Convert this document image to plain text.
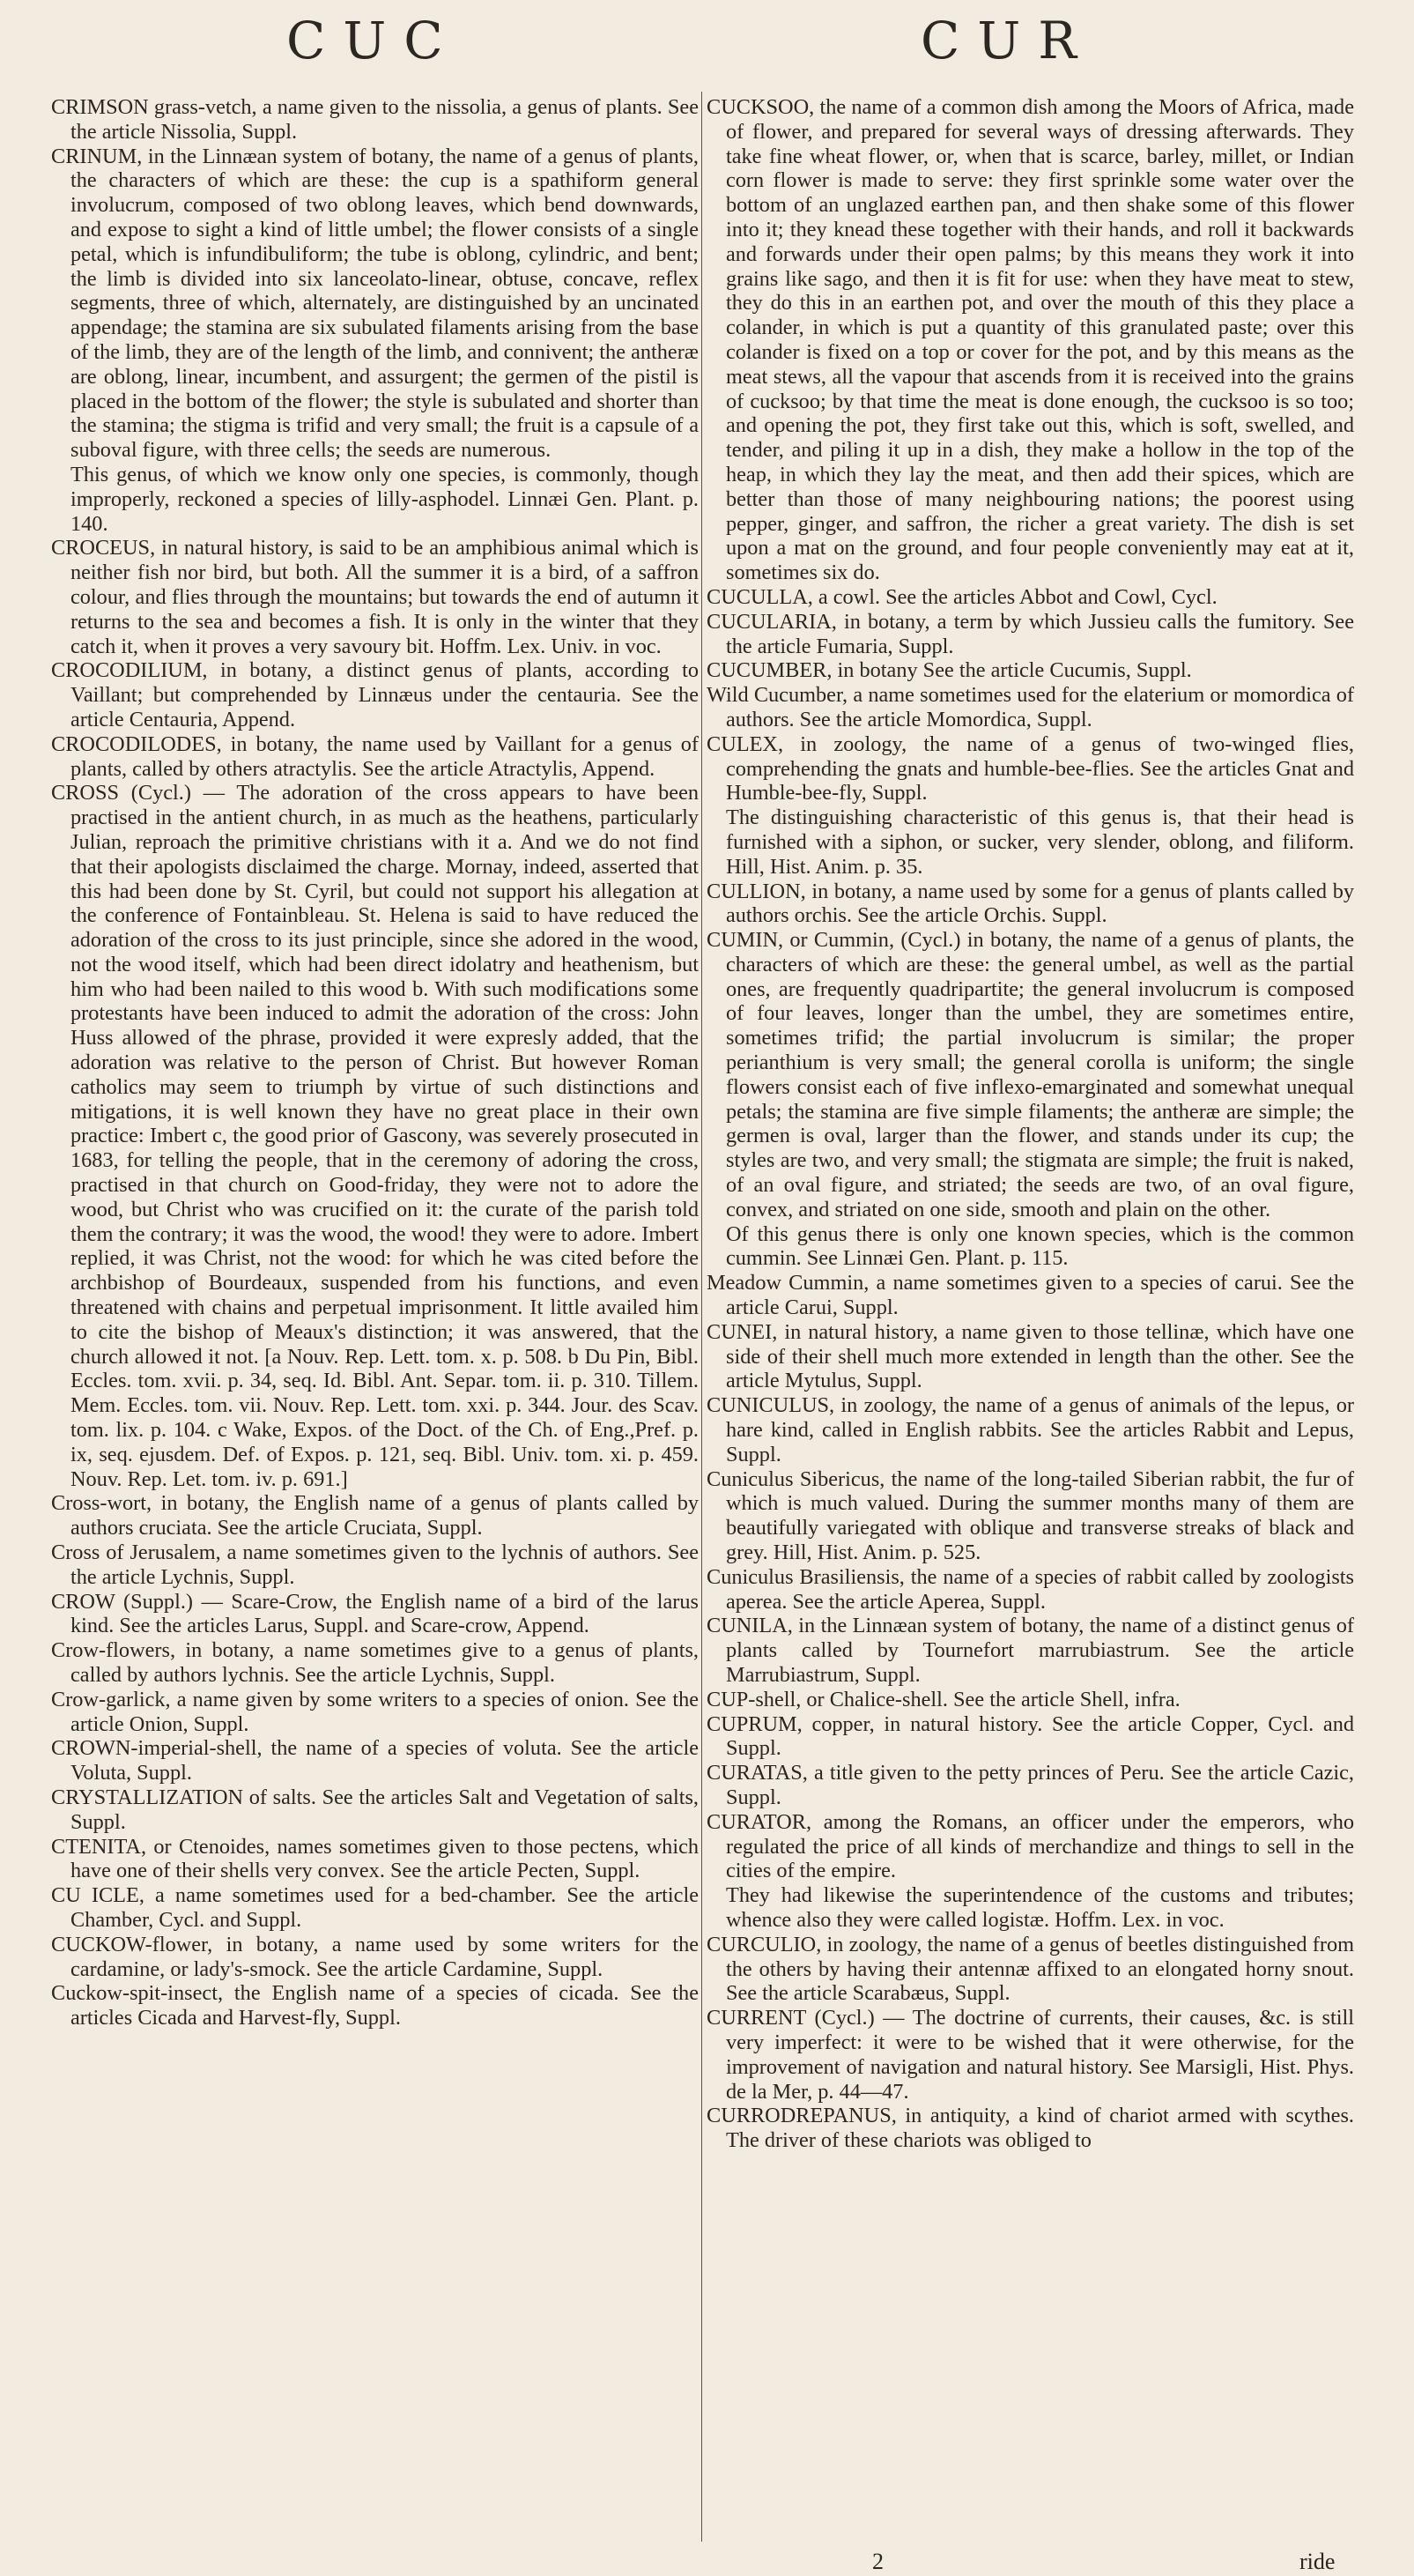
CUC	CUR

CRIMSON grass-vetch, a name given to the nissolia, a genus of plants. See the article Nissolia, Suppl.

CRINUM, in the Linnæan system of botany, the name of a genus of plants, the characters of which are these: the cup is a spathiform general involucrum, composed of two oblong leaves, which bend downwards, and expose to sight a kind of little umbel; the flower consists of a single petal, which is infundibuliform; the tube is oblong, cylindric, and bent; the limb is divided into six lanceolato-linear, obtuse, concave, reflex segments, three of which, alternately, are distinguished by an uncinated appendage; the stamina are six subulated filaments arising from the base of the limb, they are of the length of the limb, and connivent; the antheræ are oblong, linear, incumbent, and assurgent; the germen of the pistil is placed in the bottom of the flower; the style is subulated and shorter than the stamina; the stigma is trifid and very small; the fruit is a capsule of a suboval figure, with three cells; the seeds are numerous.

This genus, of which we know only one species, is commonly, though improperly, reckoned a species of lilly-asphodel. Linnæi Gen. Plant. p. 140.

CROCEUS, in natural history, is said to be an amphibious animal which is neither fish nor bird, but both. All the summer it is a bird, of a saffron colour, and flies through the mountains; but towards the end of autumn it returns to the sea and becomes a fish. It is only in the winter that they catch it, when it proves a very savoury bit. Hoffm. Lex. Univ. in voc.

CROCODILIUM, in botany, a distinct genus of plants, according to Vaillant; but comprehended by Linnæus under the centauria. See the article Centauria, Append.

CROCODILODES, in botany, the name used by Vaillant for a genus of plants, called by others atractylis. See the article Atractylis, Append.

CROSS (Cycl.) — The adoration of the cross appears to have been practised in the antient church, in as much as the heathens, particularly Julian, reproach the primitive christians with it a. And we do not find that their apologists disclaimed the charge. Mornay, indeed, asserted that this had been done by St. Cyril, but could not support his allegation at the conference of Fontainbleau. St. Helena is said to have reduced the adoration of the cross to its just principle, since she adored in the wood, not the wood itself, which had been direct idolatry and heathenism, but him who had been nailed to this wood b. With such modifications some protestants have been induced to admit the adoration of the cross: John Huss allowed of the phrase, provided it were expresly added, that the adoration was relative to the person of Christ. But however Roman catholics may seem to triumph by virtue of such distinctions and mitigations, it is well known they have no great place in their own practice: Imbert c, the good prior of Gascony, was severely prosecuted in 1683, for telling the people, that in the ceremony of adoring the cross, practised in that church on Good-friday, they were not to adore the wood, but Christ who was crucified on it: the curate of the parish told them the contrary; it was the wood, the wood! they were to adore. Imbert replied, it was Christ, not the wood: for which he was cited before the archbishop of Bourdeaux, suspended from his functions, and even threatened with chains and perpetual imprisonment. It little availed him to cite the bishop of Meaux's distinction; it was answered, that the church allowed it not. [a Nouv. Rep. Lett. tom. x. p. 508. b Du Pin, Bibl. Eccles. tom. xvii. p. 34, seq. Id. Bibl. Ant. Separ. tom. ii. p. 310. Tillem. Mem. Eccles. tom. vii. Nouv. Rep. Lett. tom. xxi. p. 344. Jour. des Scav. tom. lix. p. 104. c Wake, Expos. of the Doct. of the Ch. of Eng.,Pref. p. ix, seq. ejusdem. Def. of Expos. p. 121, seq. Bibl. Univ. tom. xi. p. 459. Nouv. Rep. Let. tom. iv. p. 691.]

Cross-wort, in botany, the English name of a genus of plants called by authors cruciata. See the article Cruciata, Suppl.

Cross of Jerusalem, a name sometimes given to the lychnis of authors. See the article Lychnis, Suppl.

CROW (Suppl.) — Scare-Crow, the English name of a bird of the larus kind. See the articles Larus, Suppl. and Scare-crow, Append.

Crow-flowers, in botany, a name sometimes give to a genus of plants, called by authors lychnis. See the article Lychnis, Suppl.

Crow-garlick, a name given by some writers to a species of onion. See the article Onion, Suppl.

CROWN-imperial-shell, the name of a species of voluta. See the article Voluta, Suppl.

CRYSTALLIZATION of salts. See the articles Salt and Vegetation of salts, Suppl.

CTENITA, or Ctenoides, names sometimes given to those pectens, which have one of their shells very convex. See the article Pecten, Suppl.

CU ICLE, a name sometimes used for a bed-chamber. See the article Chamber, Cycl. and Suppl.

CUCKOW-flower, in botany, a name used by some writers for the cardamine, or lady's-smock. See the article Cardamine, Suppl.

Cuckow-spit-insect, the English name of a species of cicada. See the articles Cicada and Harvest-fly, Suppl.

CUCKSOO, the name of a common dish among the Moors of Africa, made of flower, and prepared for several ways of dressing afterwards. They take fine wheat flower, or, when that is scarce, barley, millet, or Indian corn flower is made to serve: they first sprinkle some water over the bottom of an unglazed earthen pan, and then shake some of this flower into it; they knead these together with their hands, and roll it backwards and forwards under their open palms; by this means they work it into grains like sago, and then it is fit for use: when they have meat to stew, they do this in an earthen pot, and over the mouth of this they place a colander, in which is put a quantity of this granulated paste; over this colander is fixed on a top or cover for the pot, and by this means as the meat stews, all the vapour that ascends from it is received into the grains of cucksoo; by that time the meat is done enough, the cucksoo is so too; and opening the pot, they first take out this, which is soft, swelled, and tender, and piling it up in a dish, they make a hollow in the top of the heap, in which they lay the meat, and then add their spices, which are better than those of many neighbouring nations; the poorest using pepper, ginger, and saffron, the richer a great variety. The dish is set upon a mat on the ground, and four people conveniently may eat at it, sometimes six do.

CUCULLA, a cowl. See the articles Abbot and Cowl, Cycl.

CUCULARIA, in botany, a term by which Jussieu calls the fumitory. See the article Fumaria, Suppl.

CUCUMBER, in botany See the article Cucumis, Suppl.

Wild Cucumber, a name sometimes used for the elaterium or momordica of authors. See the article Momordica, Suppl.

CULEX, in zoology, the name of a genus of two-winged flies, comprehending the gnats and humble-bee-flies. See the articles Gnat and Humble-bee-fly, Suppl.

The distinguishing characteristic of this genus is, that their head is furnished with a siphon, or sucker, very slender, oblong, and filiform. Hill, Hist. Anim. p. 35.

CULLION, in botany, a name used by some for a genus of plants called by authors orchis. See the article Orchis. Suppl.

CUMIN, or Cummin, (Cycl.) in botany, the name of a genus of plants, the characters of which are these: the general umbel, as well as the partial ones, are frequently quadripartite; the general involucrum is composed of four leaves, longer than the umbel, they are sometimes entire, sometimes trifid; the partial involucrum is similar; the proper perianthium is very small; the general corolla is uniform; the single flowers consist each of five inflexo-emarginated and somewhat unequal petals; the stamina are five simple filaments; the antheræ are simple; the germen is oval, larger than the flower, and stands under its cup; the styles are two, and very small; the stigmata are simple; the fruit is naked, of an oval figure, and striated; the seeds are two, of an oval figure, convex, and striated on one side, smooth and plain on the other.

Of this genus there is only one known species, which is the common cummin. See Linnæi Gen. Plant. p. 115.

Meadow Cummin, a name sometimes given to a species of carui. See the article Carui, Suppl.

CUNEI, in natural history, a name given to those tellinæ, which have one side of their shell much more extended in length than the other. See the article Mytulus, Suppl.

CUNICULUS, in zoology, the name of a genus of animals of the lepus, or hare kind, called in English rabbits. See the articles Rabbit and Lepus, Suppl.

Cuniculus Sibericus, the name of the long-tailed Siberian rabbit, the fur of which is much valued. During the summer months many of them are beautifully variegated with oblique and transverse streaks of black and grey. Hill, Hist. Anim. p. 525.

Cuniculus Brasiliensis, the name of a species of rabbit called by zoologists aperea. See the article Aperea, Suppl.

CUNILA, in the Linnæan system of botany, the name of a distinct genus of plants called by Tournefort marrubiastrum. See the article Marrubiastrum, Suppl.

CUP-shell, or Chalice-shell. See the article Shell, infra.

CUPRUM, copper, in natural history. See the article Copper, Cycl. and Suppl.

CURATAS, a title given to the petty princes of Peru. See the article Cazic, Suppl.

CURATOR, among the Romans, an officer under the emperors, who regulated the price of all kinds of merchandize and things to sell in the cities of the empire.

They had likewise the superintendence of the customs and tributes; whence also they were called logistæ. Hoffm. Lex. in voc.

CURCULIO, in zoology, the name of a genus of beetles distinguished from the others by having their antennæ affixed to an elongated horny snout. See the article Scarabæus, Suppl.

CURRENT (Cycl.) — The doctrine of currents, their causes, &c. is still very imperfect: it were to be wished that it were otherwise, for the improvement of navigation and natural history. See Marsigli, Hist. Phys. de la Mer, p. 44—47.

CURRODREPANUS, in antiquity, a kind of chariot armed with scythes. The driver of these chariots was obliged to

2	ride
